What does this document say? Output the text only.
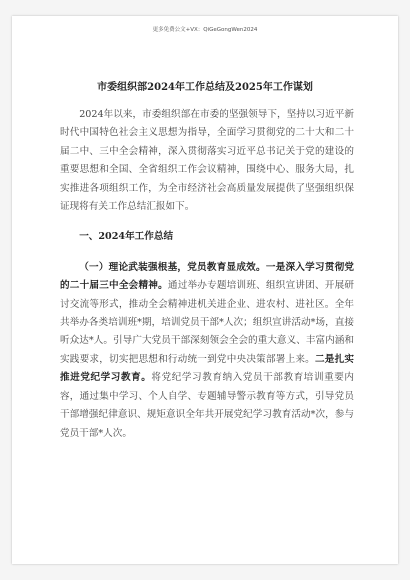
更多免费公文+VX：QiGeGongWen2024
市委组织部2024年工作总结及2025年工作谋划

2024年以来，市委组织部在市委的坚强领导下，坚持以习近平新时代中国特色社会主义思想为指导，全面学习贯彻党的二十大和二十届二中、三中全会精神，深入贯彻落实习近平总书记关于党的建设的重要思想和全国、全省组织工作会议精神，围绕中心、服务大局，扎实推进各项组织工作，为全市经济社会高质量发展提供了坚强组织保证现将有关工作总结汇报如下。

一、2024年工作总结

（一）理论武装强根基，党员教育显成效。一是深入学习贯彻党的二十届三中全会精神。通过举办专题培训班、组织宣讲团、开展研讨交流等形式，推动全会精神进机关进企业、进农村、进社区。全年共举办各类培训班*期，培训党员干部*人次；组织宣讲活动*场，直接听众达*人。引导广大党员干部深刻领会全会的重大意义、丰富内涵和实践要求，切实把思想和行动统一到党中央决策部署上来。二是扎实推进党纪学习教育。将党纪学习教育纳入党员干部教育培训重要内容，通过集中学习、个人自学、专题辅导警示教育等方式，引导党员干部增强纪律意识、规矩意识全年共开展党纪学习教育活动*次，参与党员干部*人次。
